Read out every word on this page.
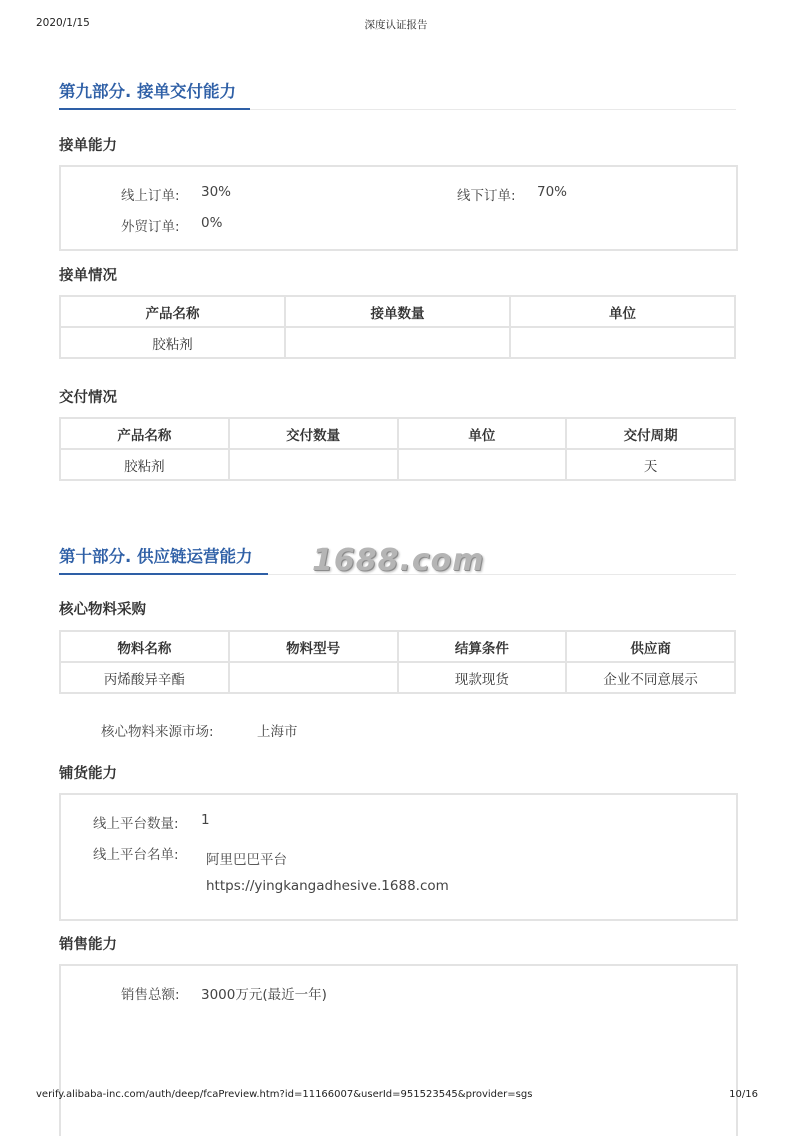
2020/1/15	深度认证报告
第九部分. 接单交付能力
接单能力
线上订单: 30%	线下订单: 70%
外贸订单: 0%
接单情况
产品名称	接单数量	单位
胶粘剂		
交付情况
产品名称	交付数量	单位	交付周期
胶粘剂			天
第十部分. 供应链运营能力 1688.com
核心物料采购
物料名称	物料型号	结算条件	供应商
丙烯酸异辛酯		现款现货	企业不同意展示
核心物料来源市场:	上海市
铺货能力
线上平台数量: 1
线上平台名单: 阿里巴巴平台
https://yingkangadhesive.1688.com
销售能力
销售总额: 3000万元(最近一年)
verify.alibaba-inc.com/auth/deep/fcaPreview.htm?id=11166007&userId=951523545&provider=sgs	10/16
